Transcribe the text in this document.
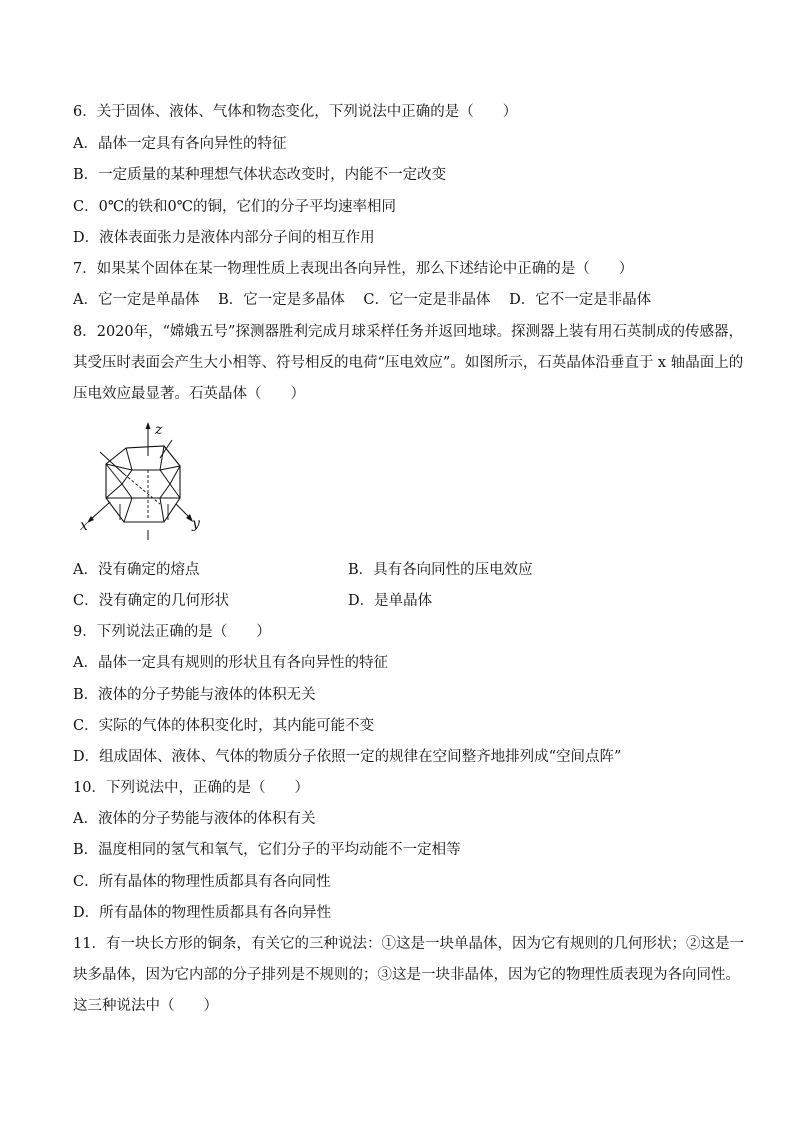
6．关于固体、液体、气体和物态变化，下列说法中正确的是（　　）
A．晶体一定具有各向异性的特征
B．一定质量的某种理想气体状态改变时，内能不一定改变
C．0℃的铁和0℃的铜，它们的分子平均速率相同
D．液体表面张力是液体内部分子间的相互作用
7．如果某个固体在某一物理性质上表现出各向异性，那么下述结论中正确的是（　　）
A．它一定是单晶体 B．它一定是多晶体 C．它一定是非晶体 D．它不一定是非晶体
8．2020年，“嫦娥五号”探测器胜利完成月球采样任务并返回地球。探测器上装有用石英制成的传感器，
其受压时表面会产生大小相等、符号相反的电荷“压电效应”。如图所示，石英晶体沿垂直于 x 轴晶面上的
压电效应最显著。石英晶体（　　）
z
x	y
A．没有确定的熔点	B．具有各向同性的压电效应
C．没有确定的几何形状	D．是单晶体
9．下列说法正确的是（　　）
A．晶体一定具有规则的形状且有各向异性的特征
B．液体的分子势能与液体的体积无关
C．实际的气体的体积变化时，其内能可能不变
D．组成固体、液体、气体的物质分子依照一定的规律在空间整齐地排列成“空间点阵”
10．下列说法中，正确的是（　　）
A．液体的分子势能与液体的体积有关
B．温度相同的氢气和氧气，它们分子的平均动能不一定相等
C．所有晶体的物理性质都具有各向同性
D．所有晶体的物理性质都具有各向异性
11．有一块长方形的铜条，有关它的三种说法：①这是一块单晶体，因为它有规则的几何形状；②这是一
块多晶体，因为它内部的分子排列是不规则的；③这是一块非晶体，因为它的物理性质表现为各向同性。
这三种说法中（　　）
